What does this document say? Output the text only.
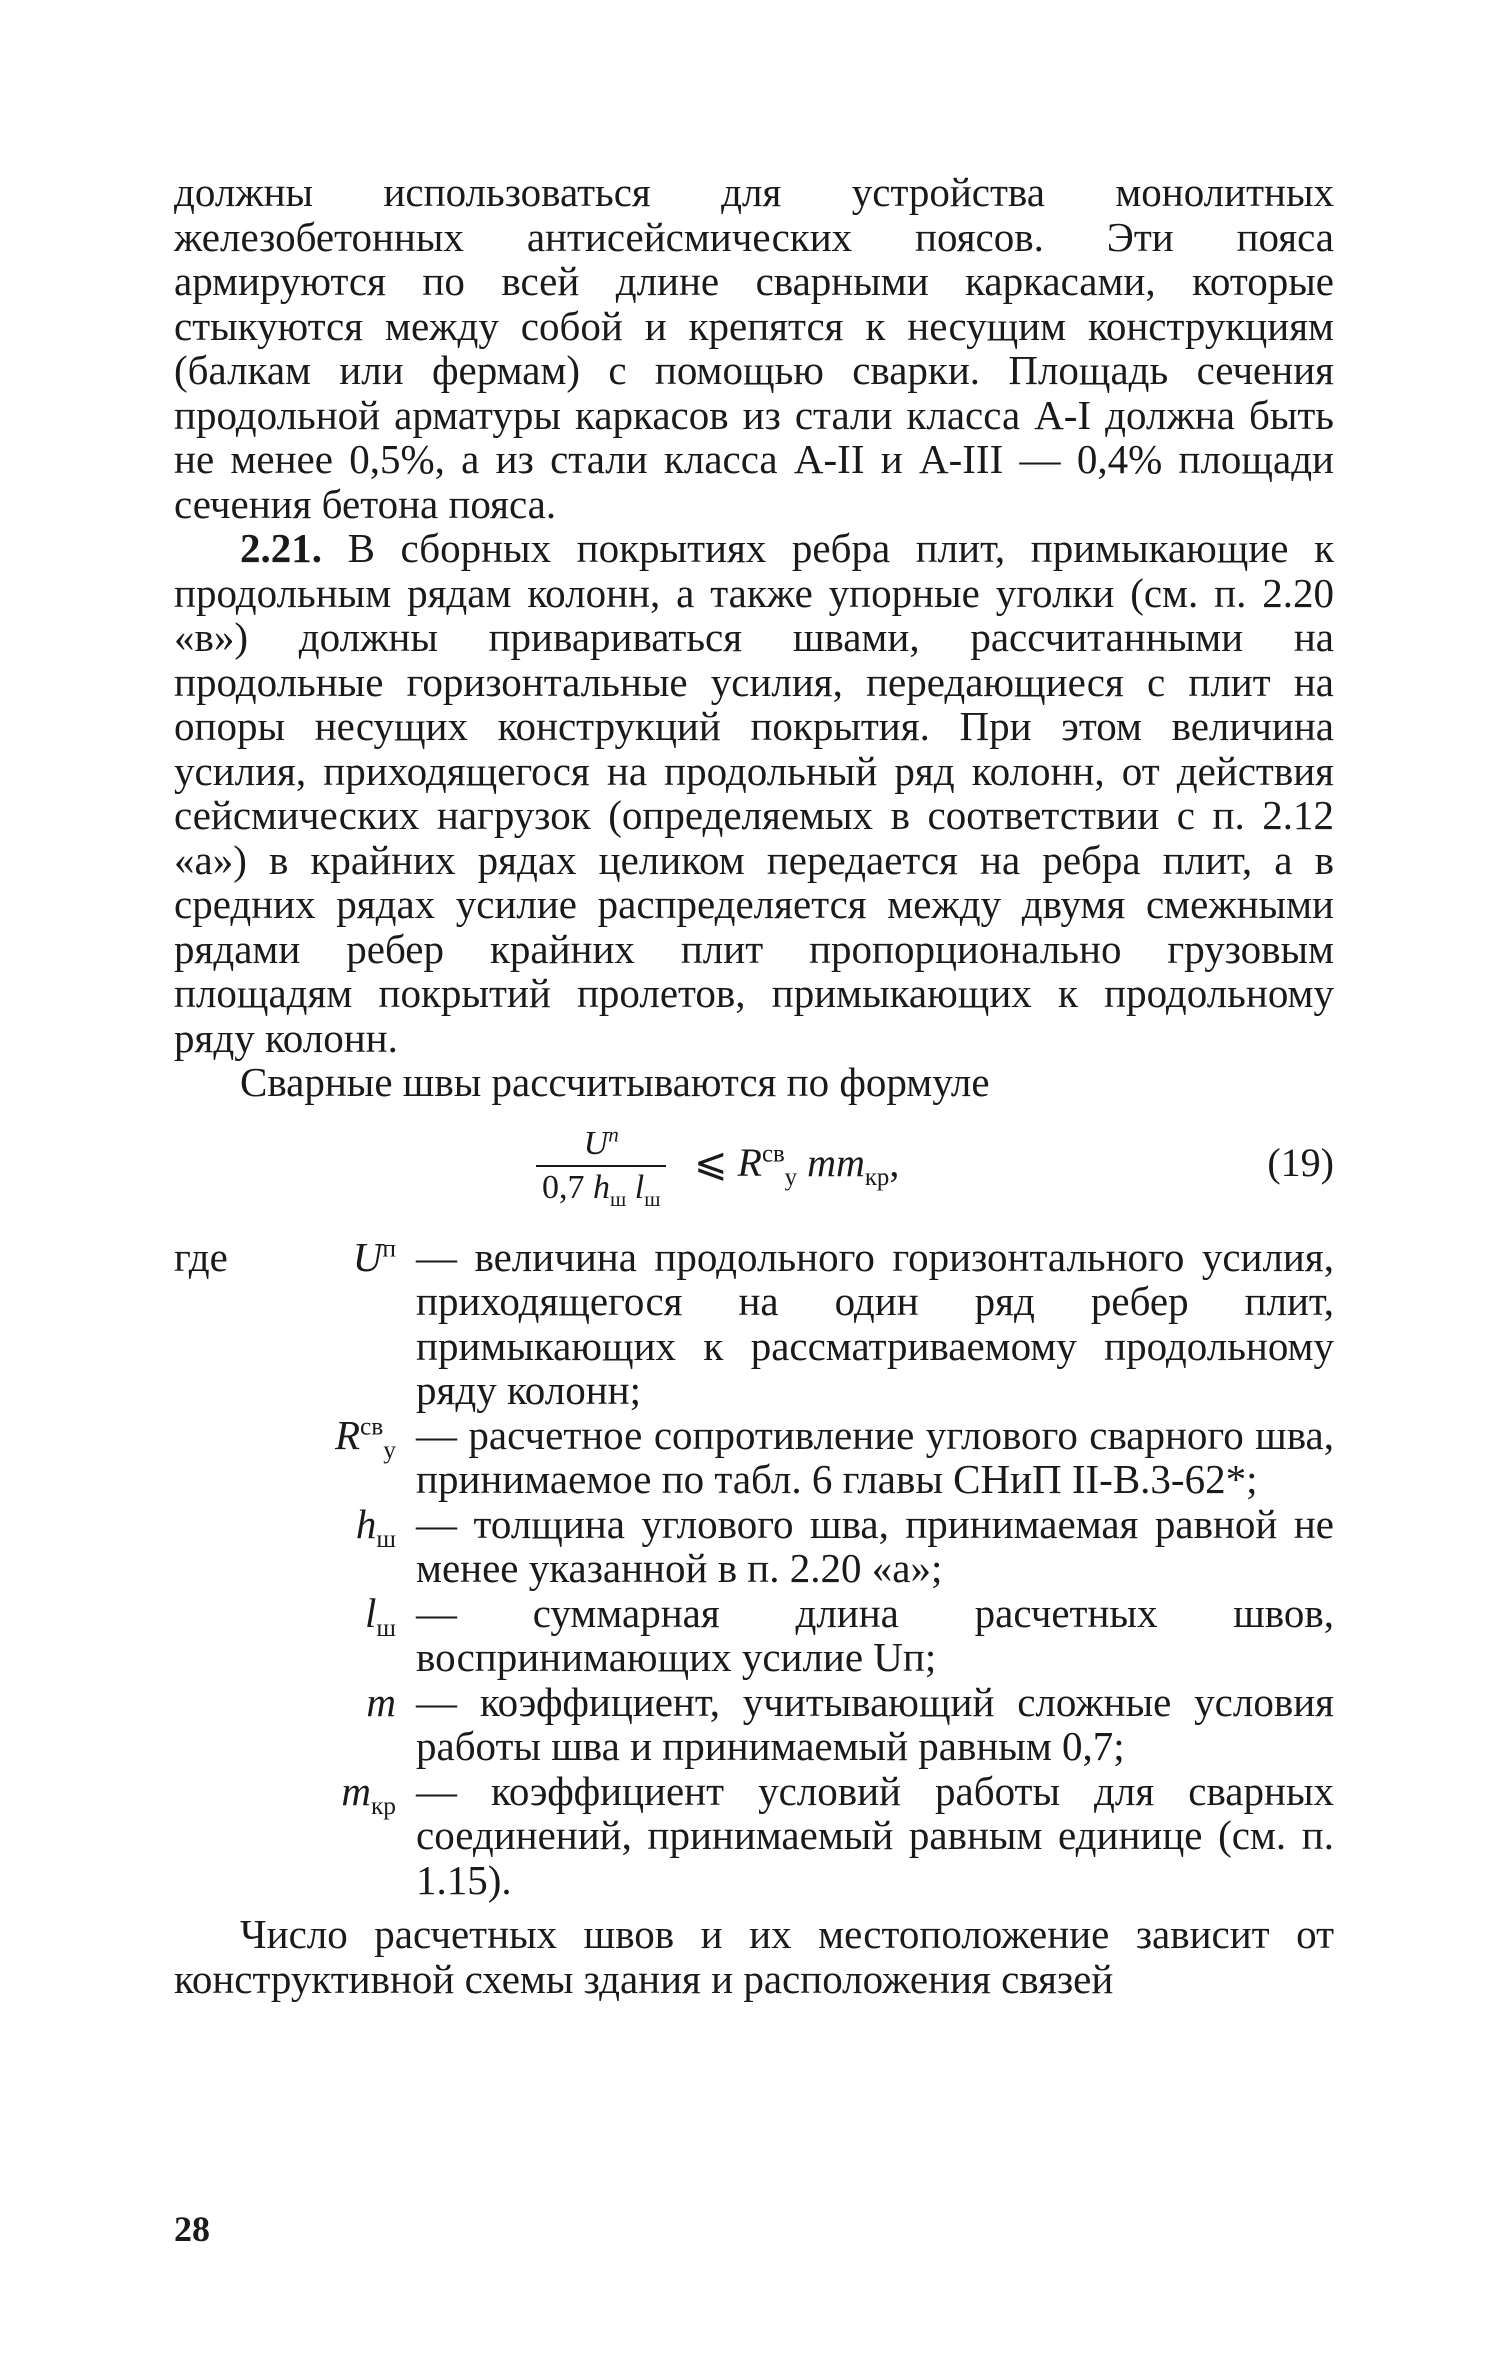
должны использоваться для устройства монолитных железобетонных антисейсмических поясов. Эти пояса армируются по всей длине сварными каркасами, которые стыкуются между собой и крепятся к несущим конструкциям (балкам или фермам) с помощью сварки. Площадь сечения продольной арматуры каркасов из стали класса А-I должна быть не менее 0,5%, а из стали класса А-II и А-III — 0,4% площади сечения бетона пояса.

2.21. В сборных покрытиях ребра плит, примыкающие к продольным рядам колонн, а также упорные уголки (см. п. 2.20 «в») должны привариваться швами, рассчитанными на продольные горизонтальные усилия, передающиеся с плит на опоры несущих конструкций покрытия. При этом величина усилия, приходящегося на продольный ряд колонн, от действия сейсмических нагрузок (определяемых в соответствии с п. 2.12 «а») в крайних рядах целиком передается на ребра плит, а в средних рядах усилие распределяется между двумя смежными рядами ребер крайних плит пропорционально грузовым площадям покрытий пролетов, примыкающих к продольному ряду колонн.

Сварные швы рассчитываются по формуле

$U^п$
0,7 $h_ш$ $l_ш$
⩽ $R^{св}_у$ $mm_{кр}$,	(19)
где	$U^п$ — величина продольного горизонтального усилия, приходящегося на один ряд ребер плит, примыкающих к рассматриваемому продольному ряду колонн;
$R^{св}_у$ — расчетное сопротивление углового сварного шва, принимаемое по табл. 6 главы СНиП II-В.3-62*;
$h_ш$ — толщина углового шва, принимаемая равной не менее указанной в п. 2.20 «а»;
$l_ш$ — суммарная длина расчетных швов, воспринимающих усилие Uп;
m — коэффициент, учитывающий сложные условия работы шва и принимаемый равным 0,7;
$m_{кр}$ — коэффициент условий работы для сварных соединений, принимаемый равным единице (см. п. 1.15).

Число расчетных швов и их местоположение зависит от конструктивной схемы здания и расположения связей

28
